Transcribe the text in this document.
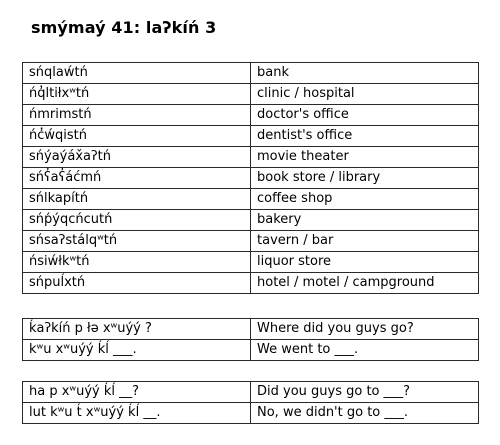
smýmaý 41: laʔkíń 3
sńqlaẃtń	bank
ńq̓ltiłxʷtń	clinic / hospital
ńmrimstń	doctor's office
ńc̓ẃqistń	dentist's office
sńýaýáx̌aʔtń	movie theater
sńʕ̓aʕ̓áćmń	book store / library
sńlkapítń	coffee shop
sńṕýqcńcutń	bakery
sńsaʔstálqʷtń	tavern / bar
ńsiẃłkʷtń	liquor store
sńpuĺxtń	hotel / motel / campground
ḱaʔkíń p łə xʷuýý ?	Where did you guys go?
kʷu xʷuýý ḱĺ ___.	We went to ___.
ha p xʷuýý ḱĺ __?	Did you guys go to ___?
lut kʷu t́ xʷuýý ḱĺ __.	No, we didn't go to ___.
